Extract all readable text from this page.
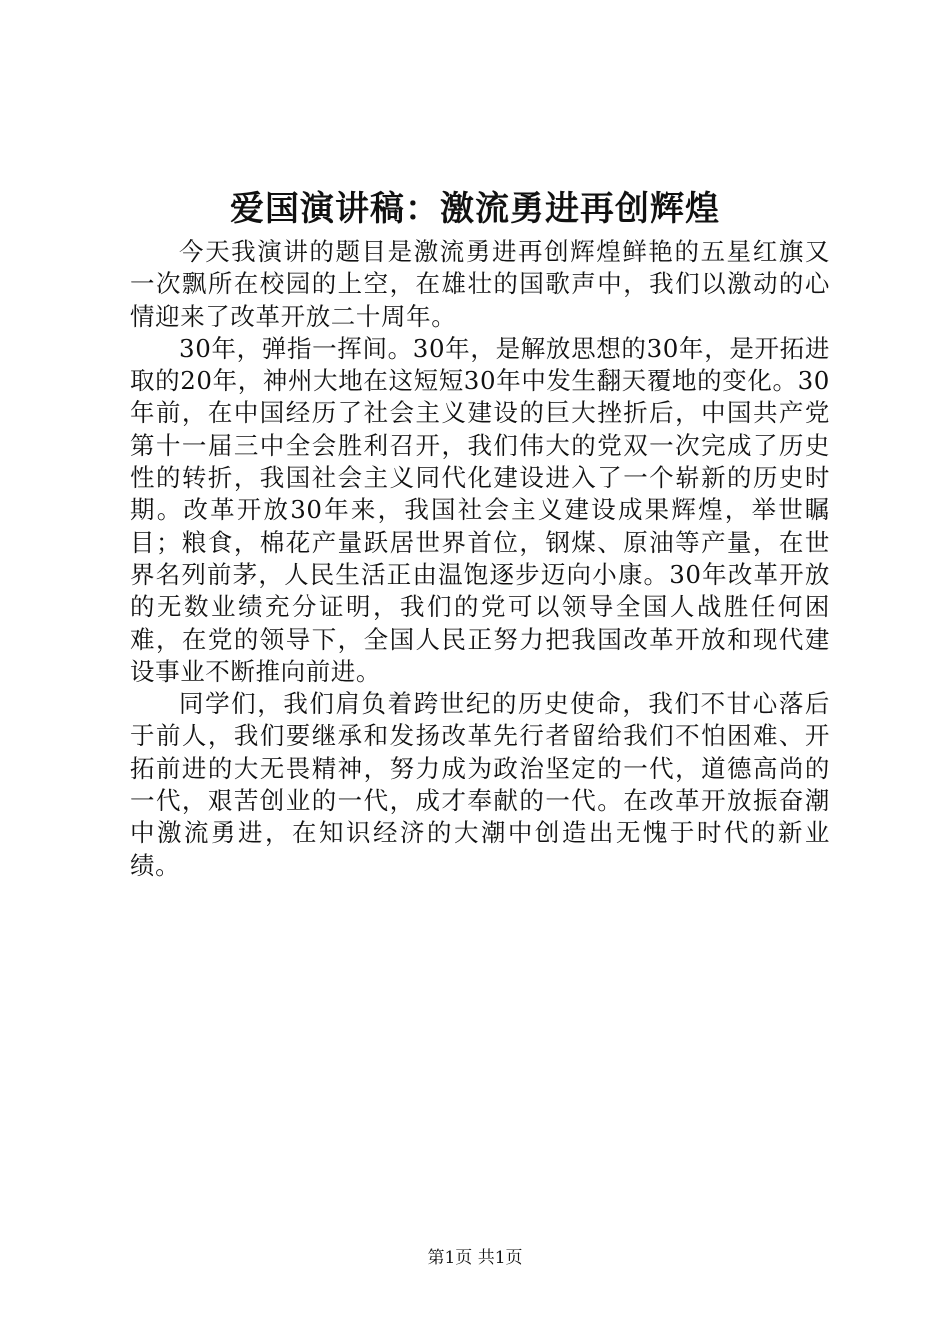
爱国演讲稿：激流勇进再创辉煌

今天我演讲的题目是激流勇进再创辉煌鲜艳的五星红旗又一次飘所在校园的上空，在雄壮的国歌声中，我们以激动的心情迎来了改革开放二十周年。

30年，弹指一挥间。30年，是解放思想的30年，是开拓进取的20年，神州大地在这短短30年中发生翻天覆地的变化。30年前，在中国经历了社会主义建设的巨大挫折后，中国共产党第十一届三中全会胜利召开，我们伟大的党双一次完成了历史性的转折，我国社会主义同代化建设进入了一个崭新的历史时期。改革开放30年来，我国社会主义建设成果辉煌，举世瞩目；粮食，棉花产量跃居世界首位，钢煤、原油等产量，在世界名列前茅，人民生活正由温饱逐步迈向小康。30年改革开放的无数业绩充分证明，我们的党可以领导全国人战胜任何困难，在党的领导下，全国人民正努力把我国改革开放和现代建设事业不断推向前进。

同学们，我们肩负着跨世纪的历史使命，我们不甘心落后于前人，我们要继承和发扬改革先行者留给我们不怕困难、开拓前进的大无畏精神，努力成为政治坚定的一代，道德高尚的一代，艰苦创业的一代，成才奉献的一代。在改革开放振奋潮中激流勇进，在知识经济的大潮中创造出无愧于时代的新业绩。

第1页 共1页
